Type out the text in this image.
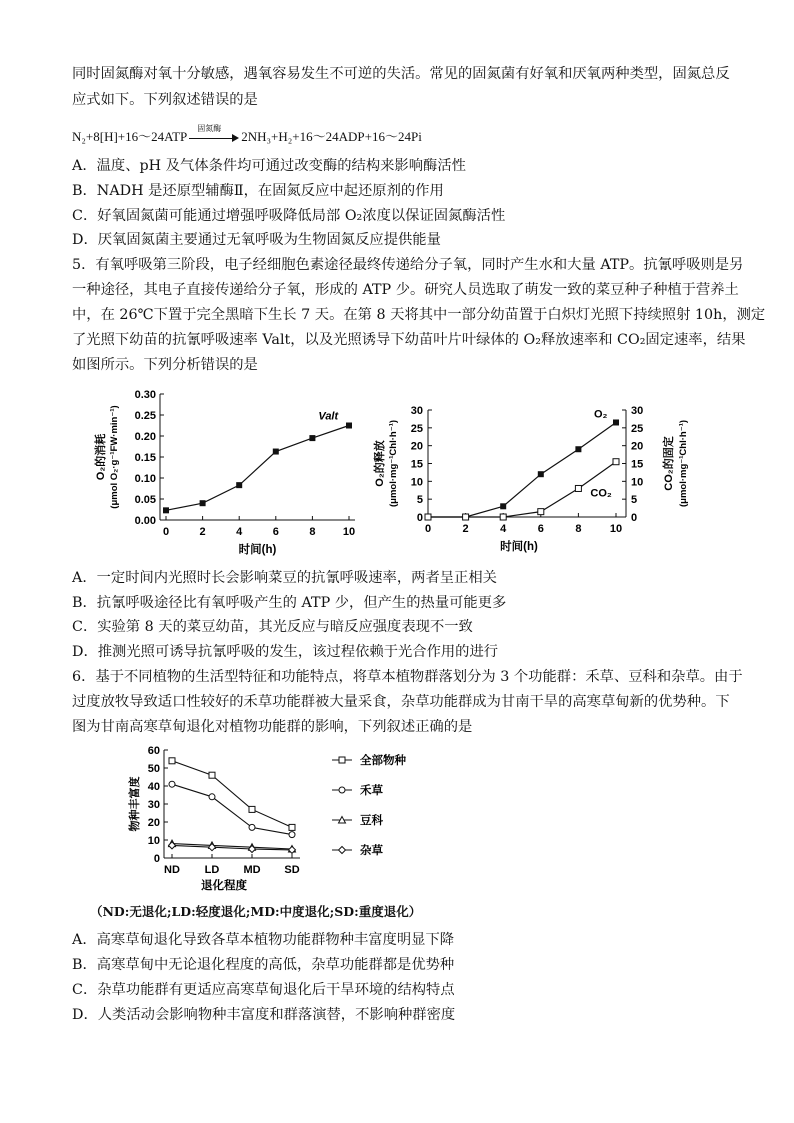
同时固氮酶对氧十分敏感，遇氧容易发生不可逆的失活。常见的固氮菌有好氧和厌氧两种类型，固氮总反
应式如下。下列叙述错误的是
N₂+8[H]+16～24ATP
固氮酶
2NH₃+H₂+16～24ADP+16～24Pi
A．温度、pH 及气体条件均可通过改变酶的结构来影响酶活性
B．NADH 是还原型辅酶Ⅱ，在固氮反应中起还原剂的作用
C．好氧固氮菌可能通过增强呼吸降低局部 O₂浓度以保证固氮酶活性
D．厌氧固氮菌主要通过无氧呼吸为生物固氮反应提供能量
5．有氧呼吸第三阶段，电子经细胞色素途径最终传递给分子氧，同时产生水和大量 ATP。抗氰呼吸则是另
一种途径，其电子直接传递给分子氧，形成的 ATP 少。研究人员选取了萌发一致的菜豆种子种植于营养土
中，在 26℃下置于完全黑暗下生长 7 天。在第 8 天将其中一部分幼苗置于白炽灯光照下持续照射 10h，测定
了光照下幼苗的抗氰呼吸速率 Valt，以及光照诱导下幼苗叶片叶绿体的 O₂释放速率和 CO₂固定速率，结果
如图所示。下列分析错误的是
0.00
0.05
0.10
0.15
0.20
0.25
0.30
0	2	4	6	8 10
时间(h)
O₂的消耗 (μmol O₂·g⁻¹FW·min⁻¹)	Valt
0
5
10
15
20
25
30
0
5
10
15
20
25
30
0	2	4	6	8	10
时间(h)
O₂的释放 (μmol·mg⁻¹Chl·h⁻¹)	CO₂的固定 (μmol·mg⁻¹Chl·h⁻¹)
O₂
CO₂
A．一定时间内光照时长会影响菜豆的抗氰呼吸速率，两者呈正相关
B．抗氰呼吸途径比有氧呼吸产生的 ATP 少，但产生的热量可能更多
C．实验第 8 天的菜豆幼苗，其光反应与暗反应强度表现不一致
D．推测光照可诱导抗氰呼吸的发生，该过程依赖于光合作用的进行
6．基于不同植物的生活型特征和功能特点，将草本植物群落划分为 3 个功能群：禾草、豆科和杂草。由于
过度放牧导致适口性较好的禾草功能群被大量采食，杂草功能群成为甘南干旱的高寒草甸新的优势种。下
图为甘南高寒草甸退化对植物功能群的影响，下列叙述正确的是
0
10
20
30
40
50
60
ND LD MD SD
退化程度
物种丰富度
全部物种
禾草
豆科
杂草
（ND:无退化;LD:轻度退化;MD:中度退化;SD:重度退化）
A．高寒草甸退化导致各草本植物功能群物种丰富度明显下降
B．高寒草甸中无论退化程度的高低，杂草功能群都是优势种
C．杂草功能群有更适应高寒草甸退化后干旱环境的结构特点
D．人类活动会影响物种丰富度和群落演替，不影响种群密度
